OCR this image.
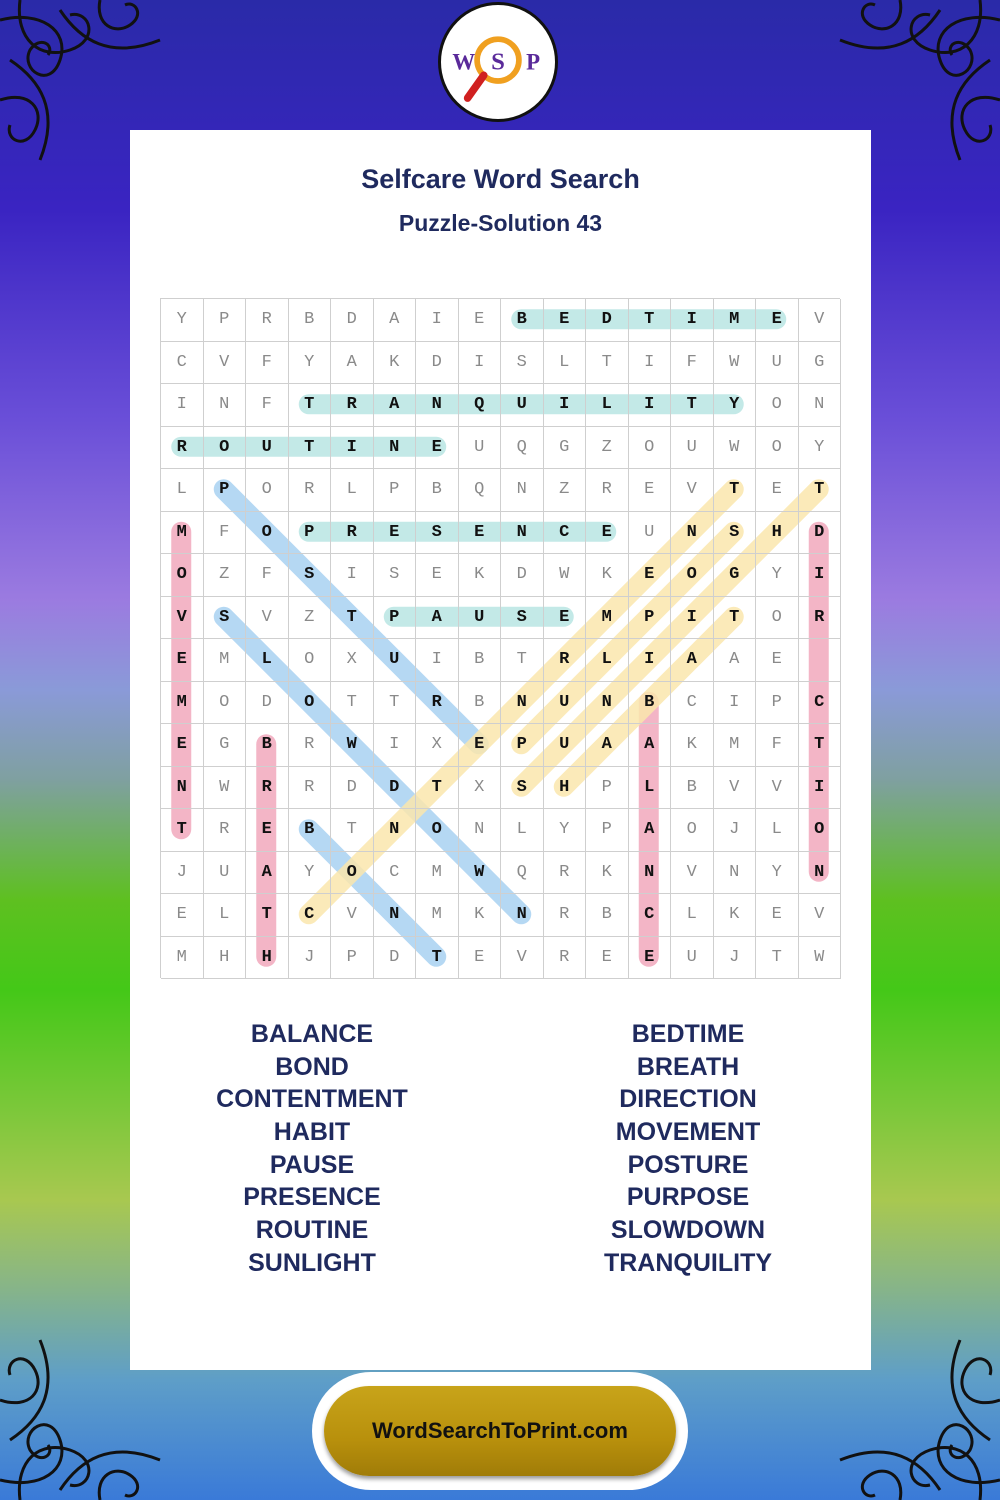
W S P
Selfcare Word Search
Puzzle-Solution 43
Y	P	R	B	D	A	I	E	B	E	D	T	I	M	E	V
C	V	F	Y	A	K	D	I	S	L	T	I	F	W	U	G
I	N	F	T	R	A	N	Q	U	I	L	I	T	Y	O	N
R	O	U	T	I	N	E	U	Q	G	Z	O	U	W	O	Y
L	P	O	R	L	P	B	Q	N	Z	R	E	V	T	E	T
M	F	O	P	R	E	S	E	N	C	E	U	N	S	H	D
O	Z	F	S	I	S	E	K	D	W	K	E	O	G	Y	I
V	S	V	Z	T	P	A	U	S	E	M	P	I	T	O	R
E	M	L	O	X	U	I	B	T	R	L	I	A	A	E
M	O	D	O	T	T	R	B	N	U	N	B	C	I	P	C
E	G	B	R	W	I	X	E	P	U	A	A	K	M	F	T
N	W	R	R	D	D	T	X	S	H	P	L	B	V	V	I
T	R	E	B	T	N	O	N	L	Y	P	A	O	J	L	O
J	U	A	Y	O	C	M	W	Q	R	K	N	V	N	Y	N
E	L	T	C	V	N	M	K	N	R	B	C	L	K	E	V
M	H	H	J	P	D	T	E	V	R	E	E	U	J	T	W
BALANCE
BOND
CONTENTMENT
HABIT
PAUSE
PRESENCE
ROUTINE
SUNLIGHT
BEDTIME
BREATH
DIRECTION
MOVEMENT
POSTURE
PURPOSE
SLOWDOWN
TRANQUILITY
WordSearchToPrint.com
